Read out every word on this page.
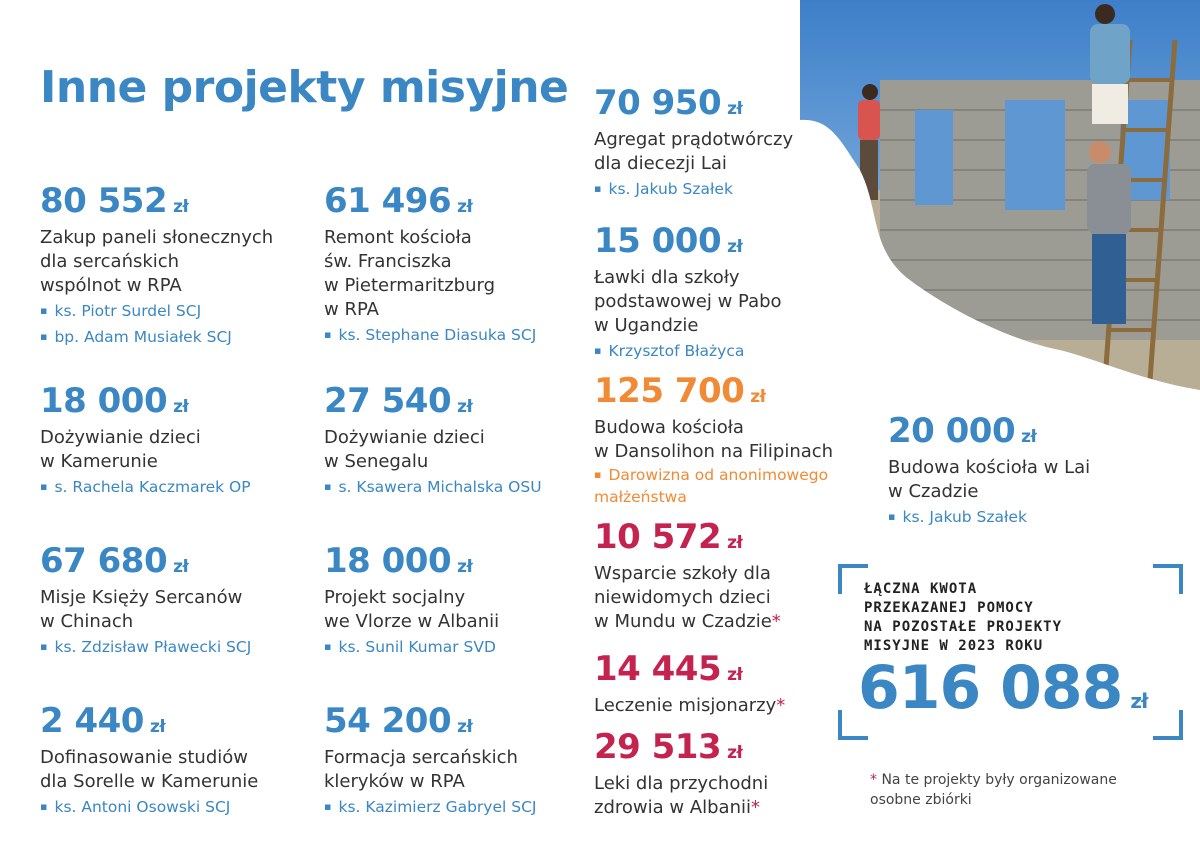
Inne projekty misyjne
80 552 zł
Zakup paneli słonecznych
dla sercańskich
wspólnot w RPA
▪ ks. Piotr Surdel SCJ
▪ bp. Adam Musiałek SCJ
18 000 zł
Dożywianie dzieci
w Kamerunie
▪ s. Rachela Kaczmarek OP
67 680 zł
Misje Księży Sercanów
w Chinach
▪ ks. Zdzisław Pławecki SCJ
2 440 zł
Dofinasowanie studiów
dla Sorelle w Kamerunie
▪ ks. Antoni Osowski SCJ
61 496 zł
Remont kościoła
św. Franciszka
w Pietermaritzburg
w RPA
▪ ks. Stephane Diasuka SCJ
27 540 zł
Dożywianie dzieci
w Senegalu
▪ s. Ksawera Michalska OSU
18 000 zł
Projekt socjalny
we Vlorze w Albanii
▪ ks. Sunil Kumar SVD
54 200 zł
Formacja sercańskich
kleryków w RPA
▪ ks. Kazimierz Gabryel SCJ
70 950 zł
Agregat prądotwórczy
dla diecezji Lai
▪ ks. Jakub Szałek
15 000 zł
Ławki dla szkoły
podstawowej w Pabo
w Ugandzie
▪ Krzysztof Błażyca
125 700 zł
Budowa kościoła
w Dansolihon na Filipinach
▪ Darowizna od anonimowego małżeństwa
10 572 zł
Wsparcie szkoły dla
niewidomych dzieci
w Mundu w Czadzie*
14 445 zł
Leczenie misjonarzy*
29 513 zł
Leki dla przychodni
zdrowia w Albanii*
20 000 zł
Budowa kościoła w Lai
w Czadzie
▪ ks. Jakub Szałek
ŁĄCZNA KWOTA
PRZEKAZANEJ POMOCY
NA POZOSTAŁE PROJEKTY
MISYJNE W 2023 ROKU
616 088 zł
* Na te projekty były organizowane osobne zbiórki
